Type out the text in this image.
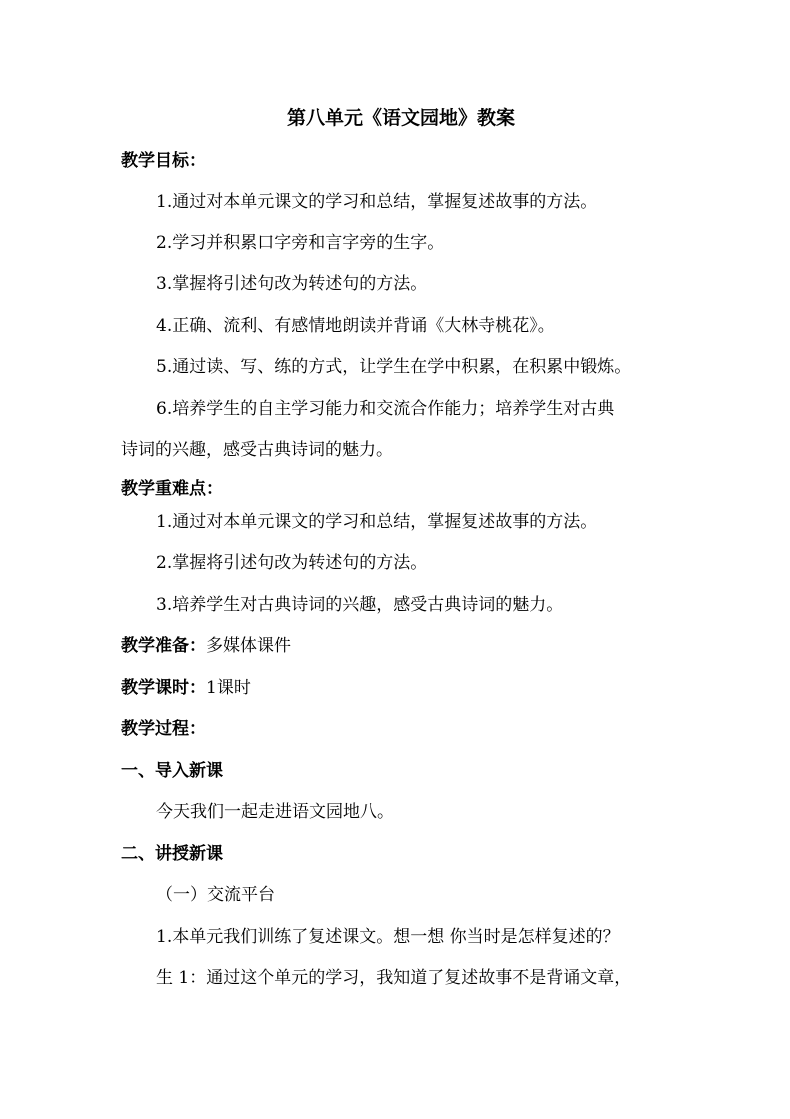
第八单元《语文园地》教案
教学目标：
1.通过对本单元课文的学习和总结，掌握复述故事的方法。
2.学习并积累口字旁和言字旁的生字。
3.掌握将引述句改为转述句的方法。
4.正确、流利、有感情地朗读并背诵《大林寺桃花》。
5.通过读、写、练的方式，让学生在学中积累，在积累中锻炼。
6.培养学生的自主学习能力和交流合作能力；培养学生对古典
诗词的兴趣，感受古典诗词的魅力。
教学重难点：
1.通过对本单元课文的学习和总结，掌握复述故事的方法。
2.掌握将引述句改为转述句的方法。
3.培养学生对古典诗词的兴趣，感受古典诗词的魅力。
教学准备：多媒体课件
教学课时：1课时
教学过程：
一、导入新课
今天我们一起走进语文园地八。
二、讲授新课
（一）交流平台
1.本单元我们训练了复述课文。想一想 你当时是怎样复述的？
生 1：通过这个单元的学习，我知道了复述故事不是背诵文章，
